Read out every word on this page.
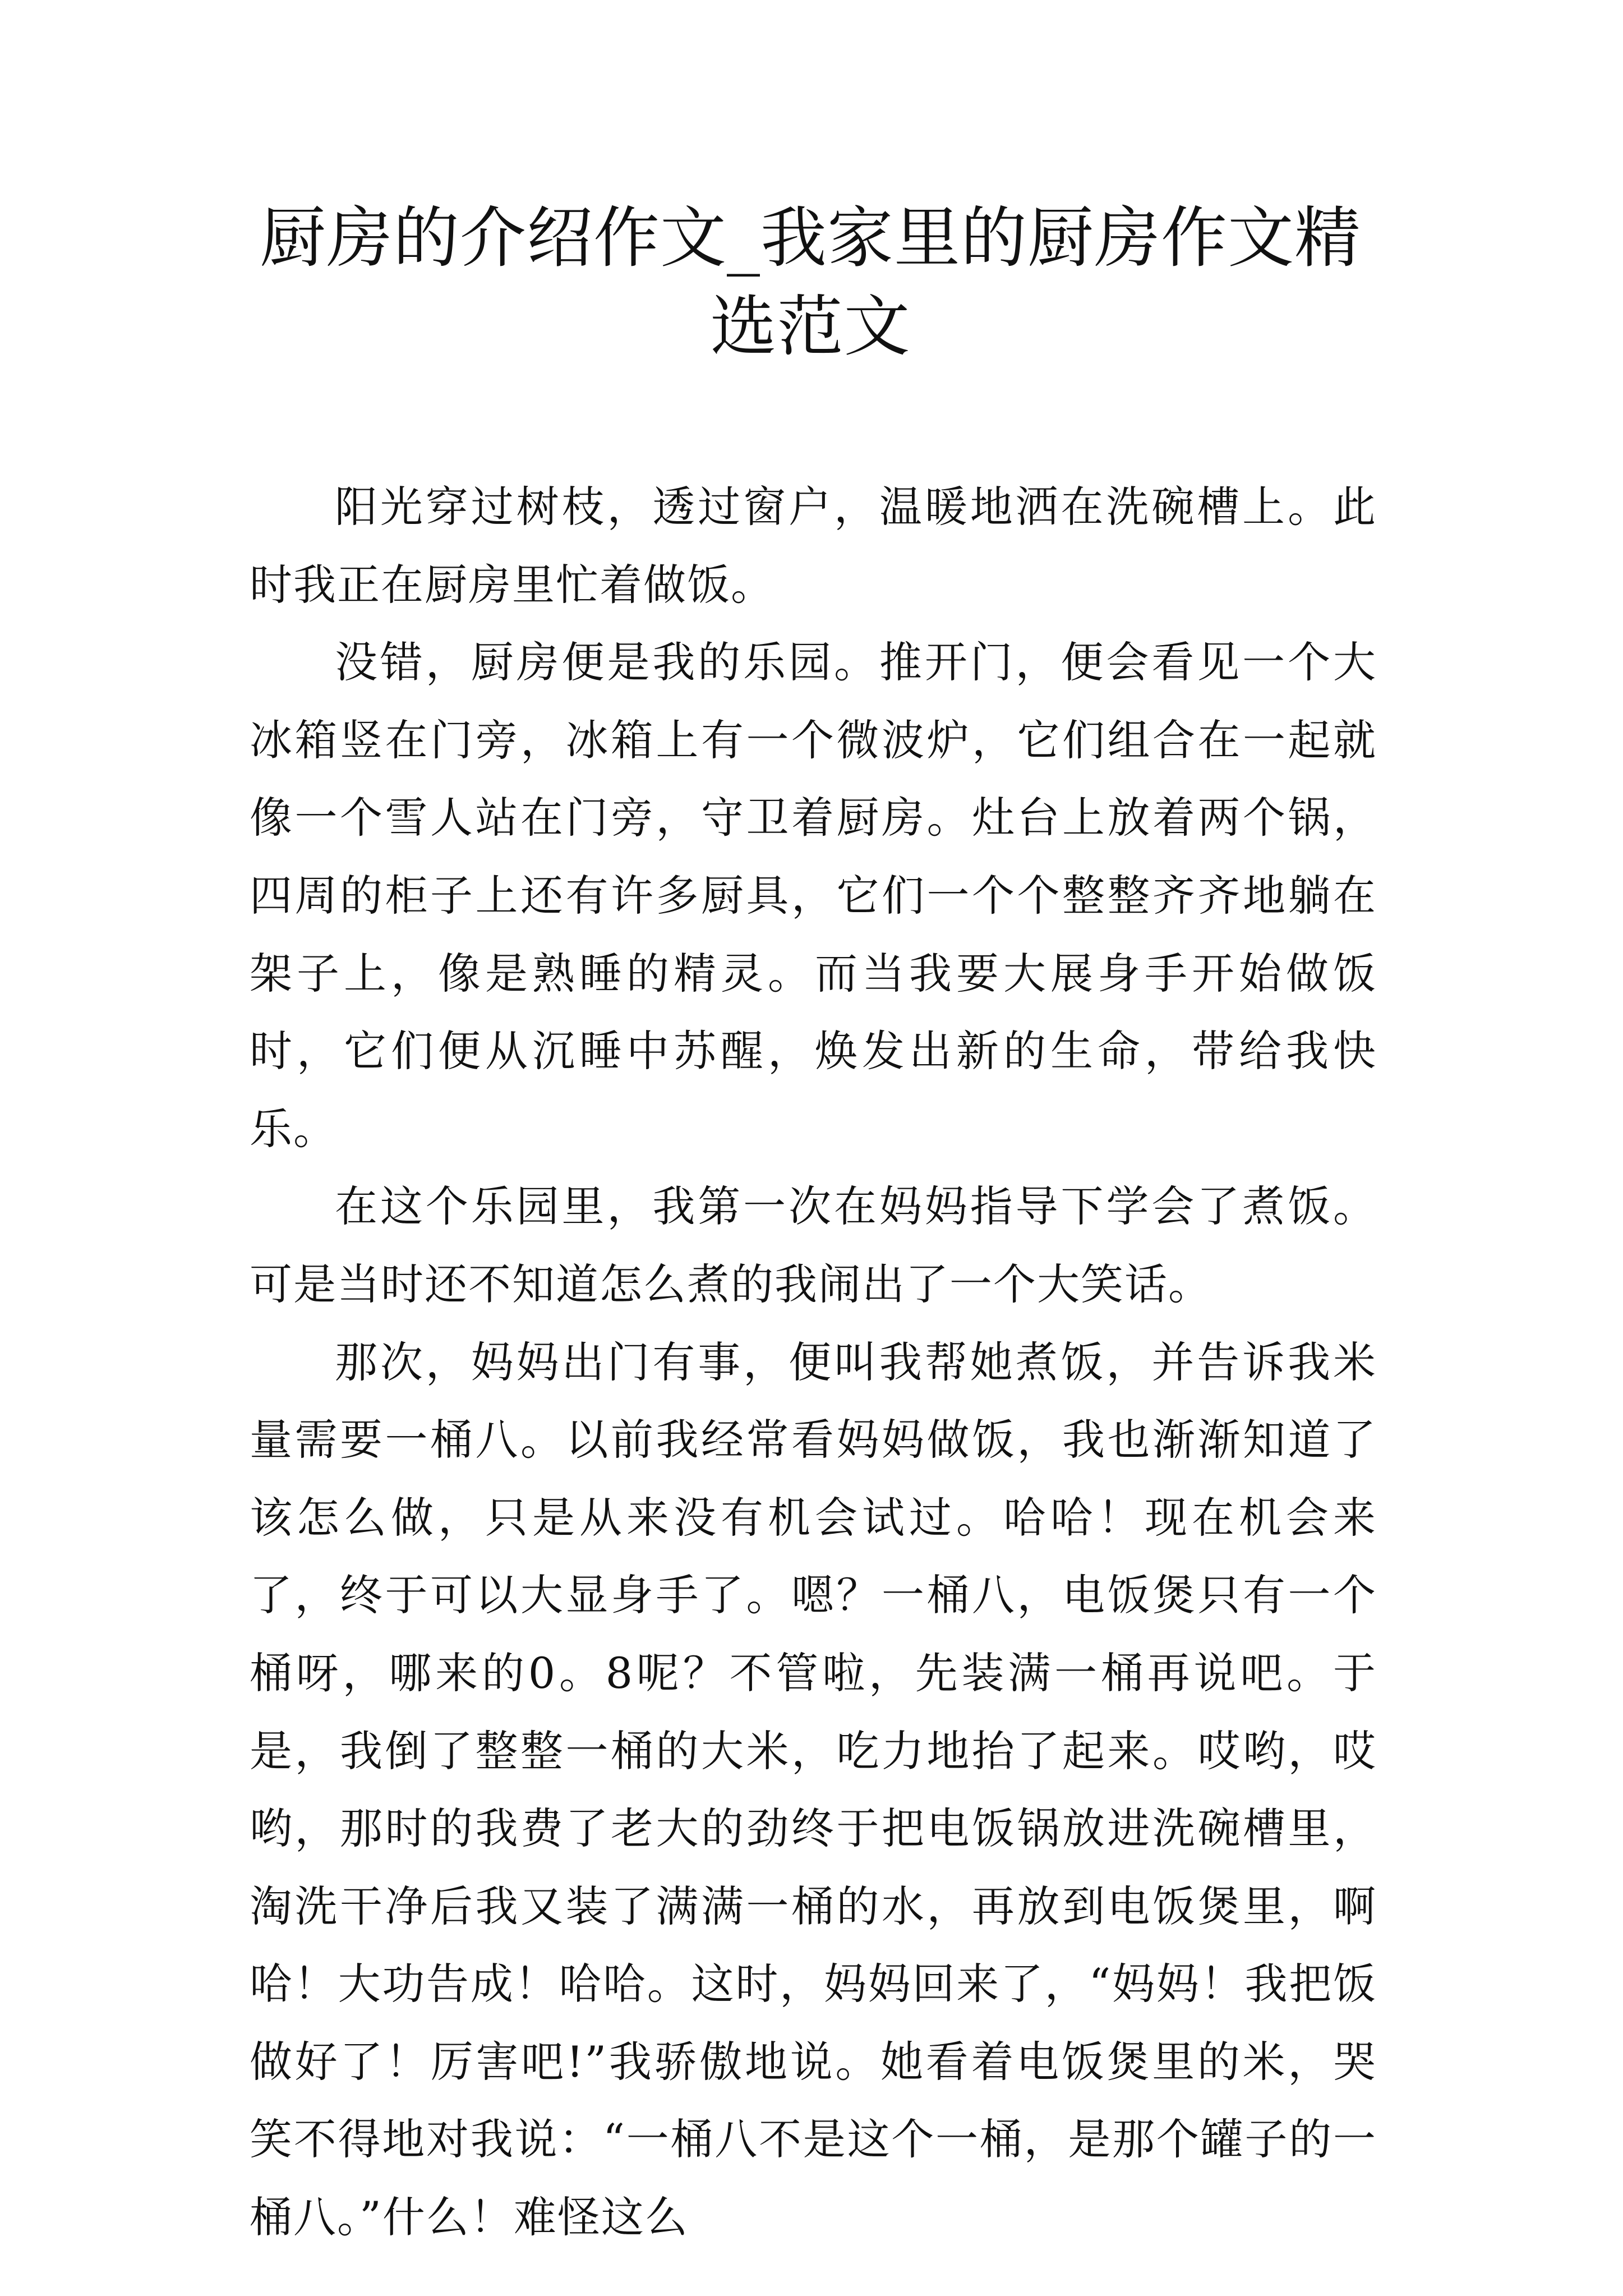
厨房的介绍作文_我家里的厨房作文精选范文

阳光穿过树枝，透过窗户，温暖地洒在洗碗槽上。此时我正在厨房里忙着做饭。

没错，厨房便是我的乐园。推开门，便会看见一个大冰箱竖在门旁，冰箱上有一个微波炉，它们组合在一起就像一个雪人站在门旁，守卫着厨房。灶台上放着两个锅，四周的柜子上还有许多厨具，它们一个个整整齐齐地躺在架子上，像是熟睡的精灵。而当我要大展身手开始做饭时，它们便从沉睡中苏醒，焕发出新的生命，带给我快乐。

在这个乐园里，我第一次在妈妈指导下学会了煮饭。可是当时还不知道怎么煮的我闹出了一个大笑话。

那次，妈妈出门有事，便叫我帮她煮饭，并告诉我米量需要一桶八。以前我经常看妈妈做饭，我也渐渐知道了该怎么做，只是从来没有机会试过。哈哈！现在机会来了，终于可以大显身手了。嗯？一桶八，电饭煲只有一个桶呀，哪来的0。8呢？不管啦，先装满一桶再说吧。于是，我倒了整整一桶的大米，吃力地抬了起来。哎哟，哎哟，那时的我费了老大的劲终于把电饭锅放进洗碗槽里，淘洗干净后我又装了满满一桶的水，再放到电饭煲里，啊哈！大功告成！哈哈。这时，妈妈回来了，“妈妈！我把饭做好了！厉害吧!”我骄傲地说。她看着电饭煲里的米，哭笑不得地对我说：“一桶八不是这个一桶，是那个罐子的一桶八。”什么！难怪这么
